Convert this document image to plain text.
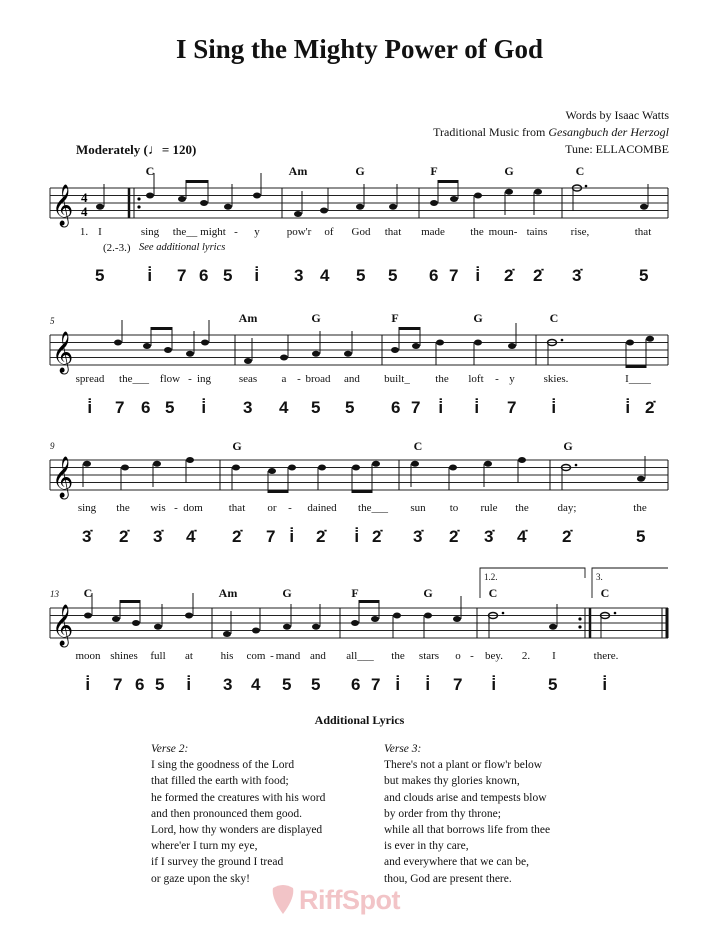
I Sing the Mighty Power of God
Words by Isaac Watts
Traditional Music from Gesangbuch der Herzogl
Tune: ELLACOMBE
Moderately (♩= 120)
𝄞 4
4
𝄞
𝄞
𝄞
5
9
13
1.2.	3.
C	Am	G	F	G	C
1. I	sing the__ might - y pow'r of God that made the moun- tains rise,	that
(2.-3.) See additional lyrics
5 i̇ 7 6 5 i̇ 3 4 5 5 6 7 i̇ 2̇ 2̇ 3̇	5
Am	G	F	G	C
spread the___ flow - ing	seas a - broad and built_ the loft - y	skies.	I____
i̇ 7 6 5 i̇ 3 4 5 5 6 7 i̇ i̇ 7 i̇	i̇ 2̇
G	C	G
sing the wis - dom that or - dained the___ sun to rule the	day;	the
3̇ 2̇ 3̇ 4̇ 2̇ 7 i̇ 2̇ i̇ 2̇ 3̇ 2̇ 3̇ 4̇ 2̇	5
C	Am	G	F	G	C	C
moon shines full at	his com - mand and all___ the stars o - bey. 2. I	there.
i̇ 7 6 5 i̇ 3 4 5 5 6 7 i̇ i̇ 7 i̇	5	i̇
Additional Lyrics
Verse 2:
I sing the goodness of the Lord
that filled the earth with food;
he formed the creatures with his word
and then pronounced them good.
Lord, how thy wonders are displayed
where'er I turn my eye,
if I survey the ground I tread
or gaze upon the sky!
Verse 3:
There's not a plant or flow'r below
but makes thy glories known,
and clouds arise and tempests blow
by order from thy throne;
while all that borrows life from thee
is ever in thy care,
and everywhere that we can be,
thou, God are present there.
RiffSpot
